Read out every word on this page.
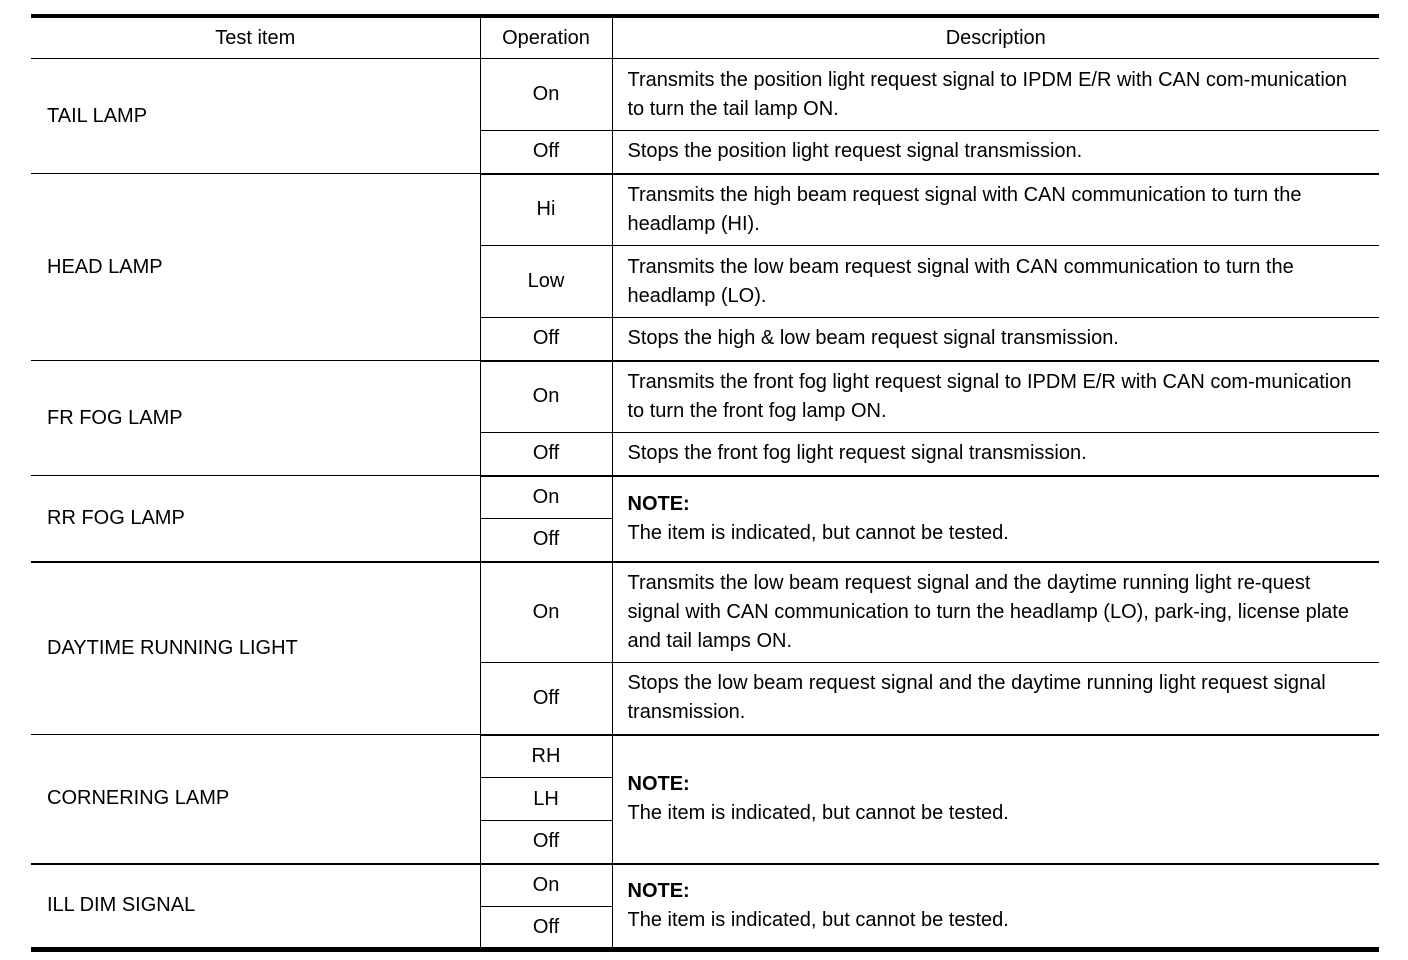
Test item	Operation	Description
TAIL LAMP	On	Transmits the position light request signal to IPDM E/R with CAN com-munication to turn the tail lamp ON.
	Off	Stops the position light request signal transmission.
HEAD LAMP	Hi	Transmits the high beam request signal with CAN communication to turn the headlamp (HI).
	Low	Transmits the low beam request signal with CAN communication to turn the headlamp (LO).
	Off	Stops the high & low beam request signal transmission.
FR FOG LAMP	On	Transmits the front fog light request signal to IPDM E/R with CAN com-munication to turn the front fog lamp ON.
	Off	Stops the front fog light request signal transmission.
RR FOG LAMP	On	NOTE:
The item is indicated, but cannot be tested.

	Off	
DAYTIME RUNNING LIGHT	On	Transmits the low beam request signal and the daytime running light re-quest signal with CAN communication to turn the headlamp (LO), park-ing, license plate and tail lamps ON.
	Off	Stops the low beam request signal and the daytime running light request signal transmission.
CORNERING LAMP	RH	NOTE:
The item is indicated, but cannot be tested.

	LH	
	Off	
ILL DIM SIGNAL	On	NOTE:
The item is indicated, but cannot be tested.

	Off	
